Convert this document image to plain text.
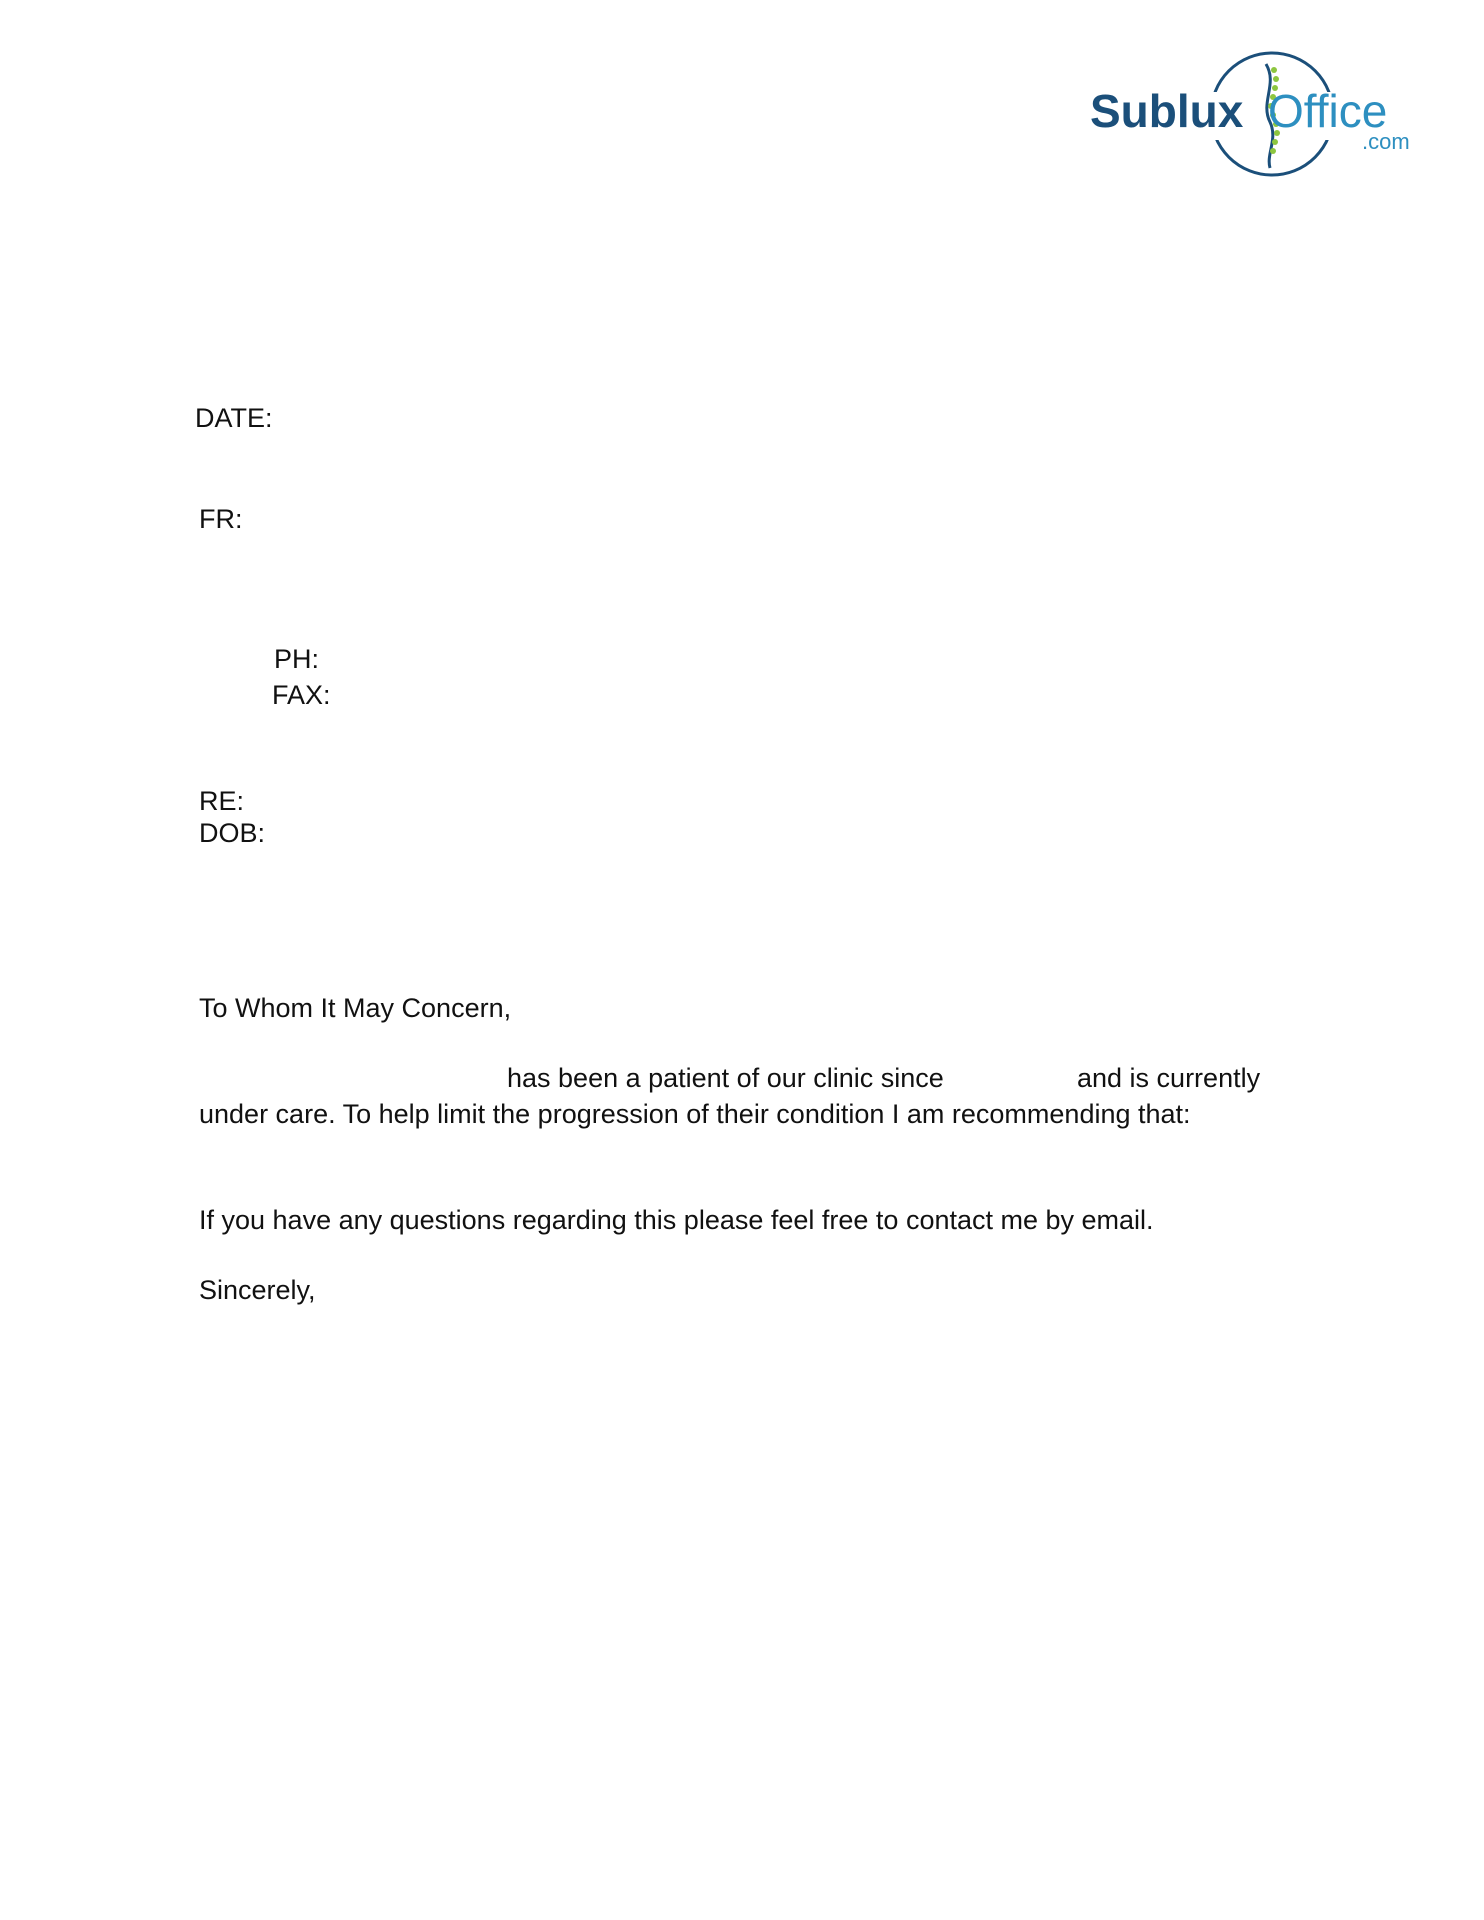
Sublux Office
.com
DATE:
FR:
PH:
FAX:
RE:
DOB:
To Whom It May Concern,
has been a patient of our clinic since	and is currently
under care. To help limit the progression of their condition I am recommending that:
If you have any questions regarding this please feel free to contact me by email.
Sincerely,
